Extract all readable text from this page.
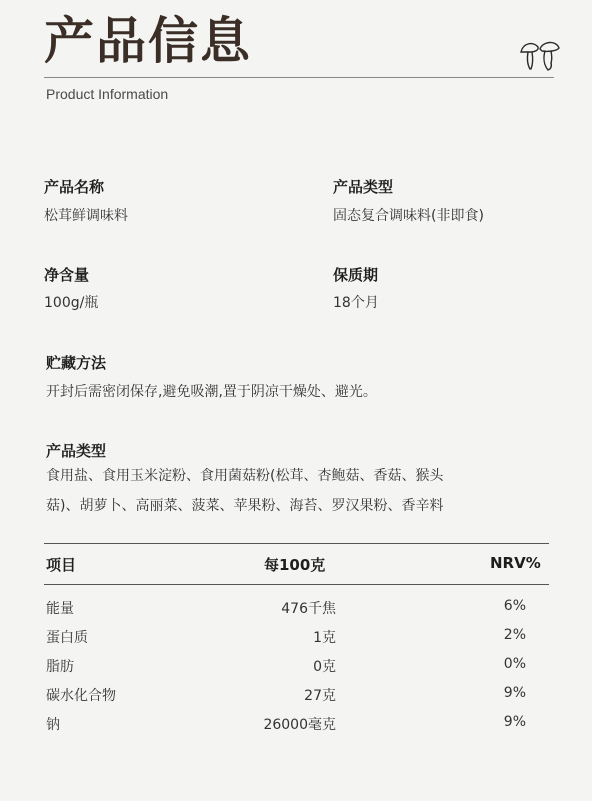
产品信息
Product Information
产品名称
松茸鲜调味料
产品类型
固态复合调味料(非即食)
净含量
100g/瓶
保质期
18个月
贮藏方法
开封后需密闭保存,避免吸潮,置于阴凉干燥处、避光。
产品类型
食用盐、食用玉米淀粉、食用菌菇粉(松茸、杏鲍菇、香菇、猴头
菇)、胡萝卜、高丽菜、菠菜、苹果粉、海苔、罗汉果粉、香辛料
项目	每100克	NRV%
能量	476千焦	6%
蛋白质	1克	2%
脂肪	0克	0%
碳水化合物	27克	9%
钠	26000毫克	9%
